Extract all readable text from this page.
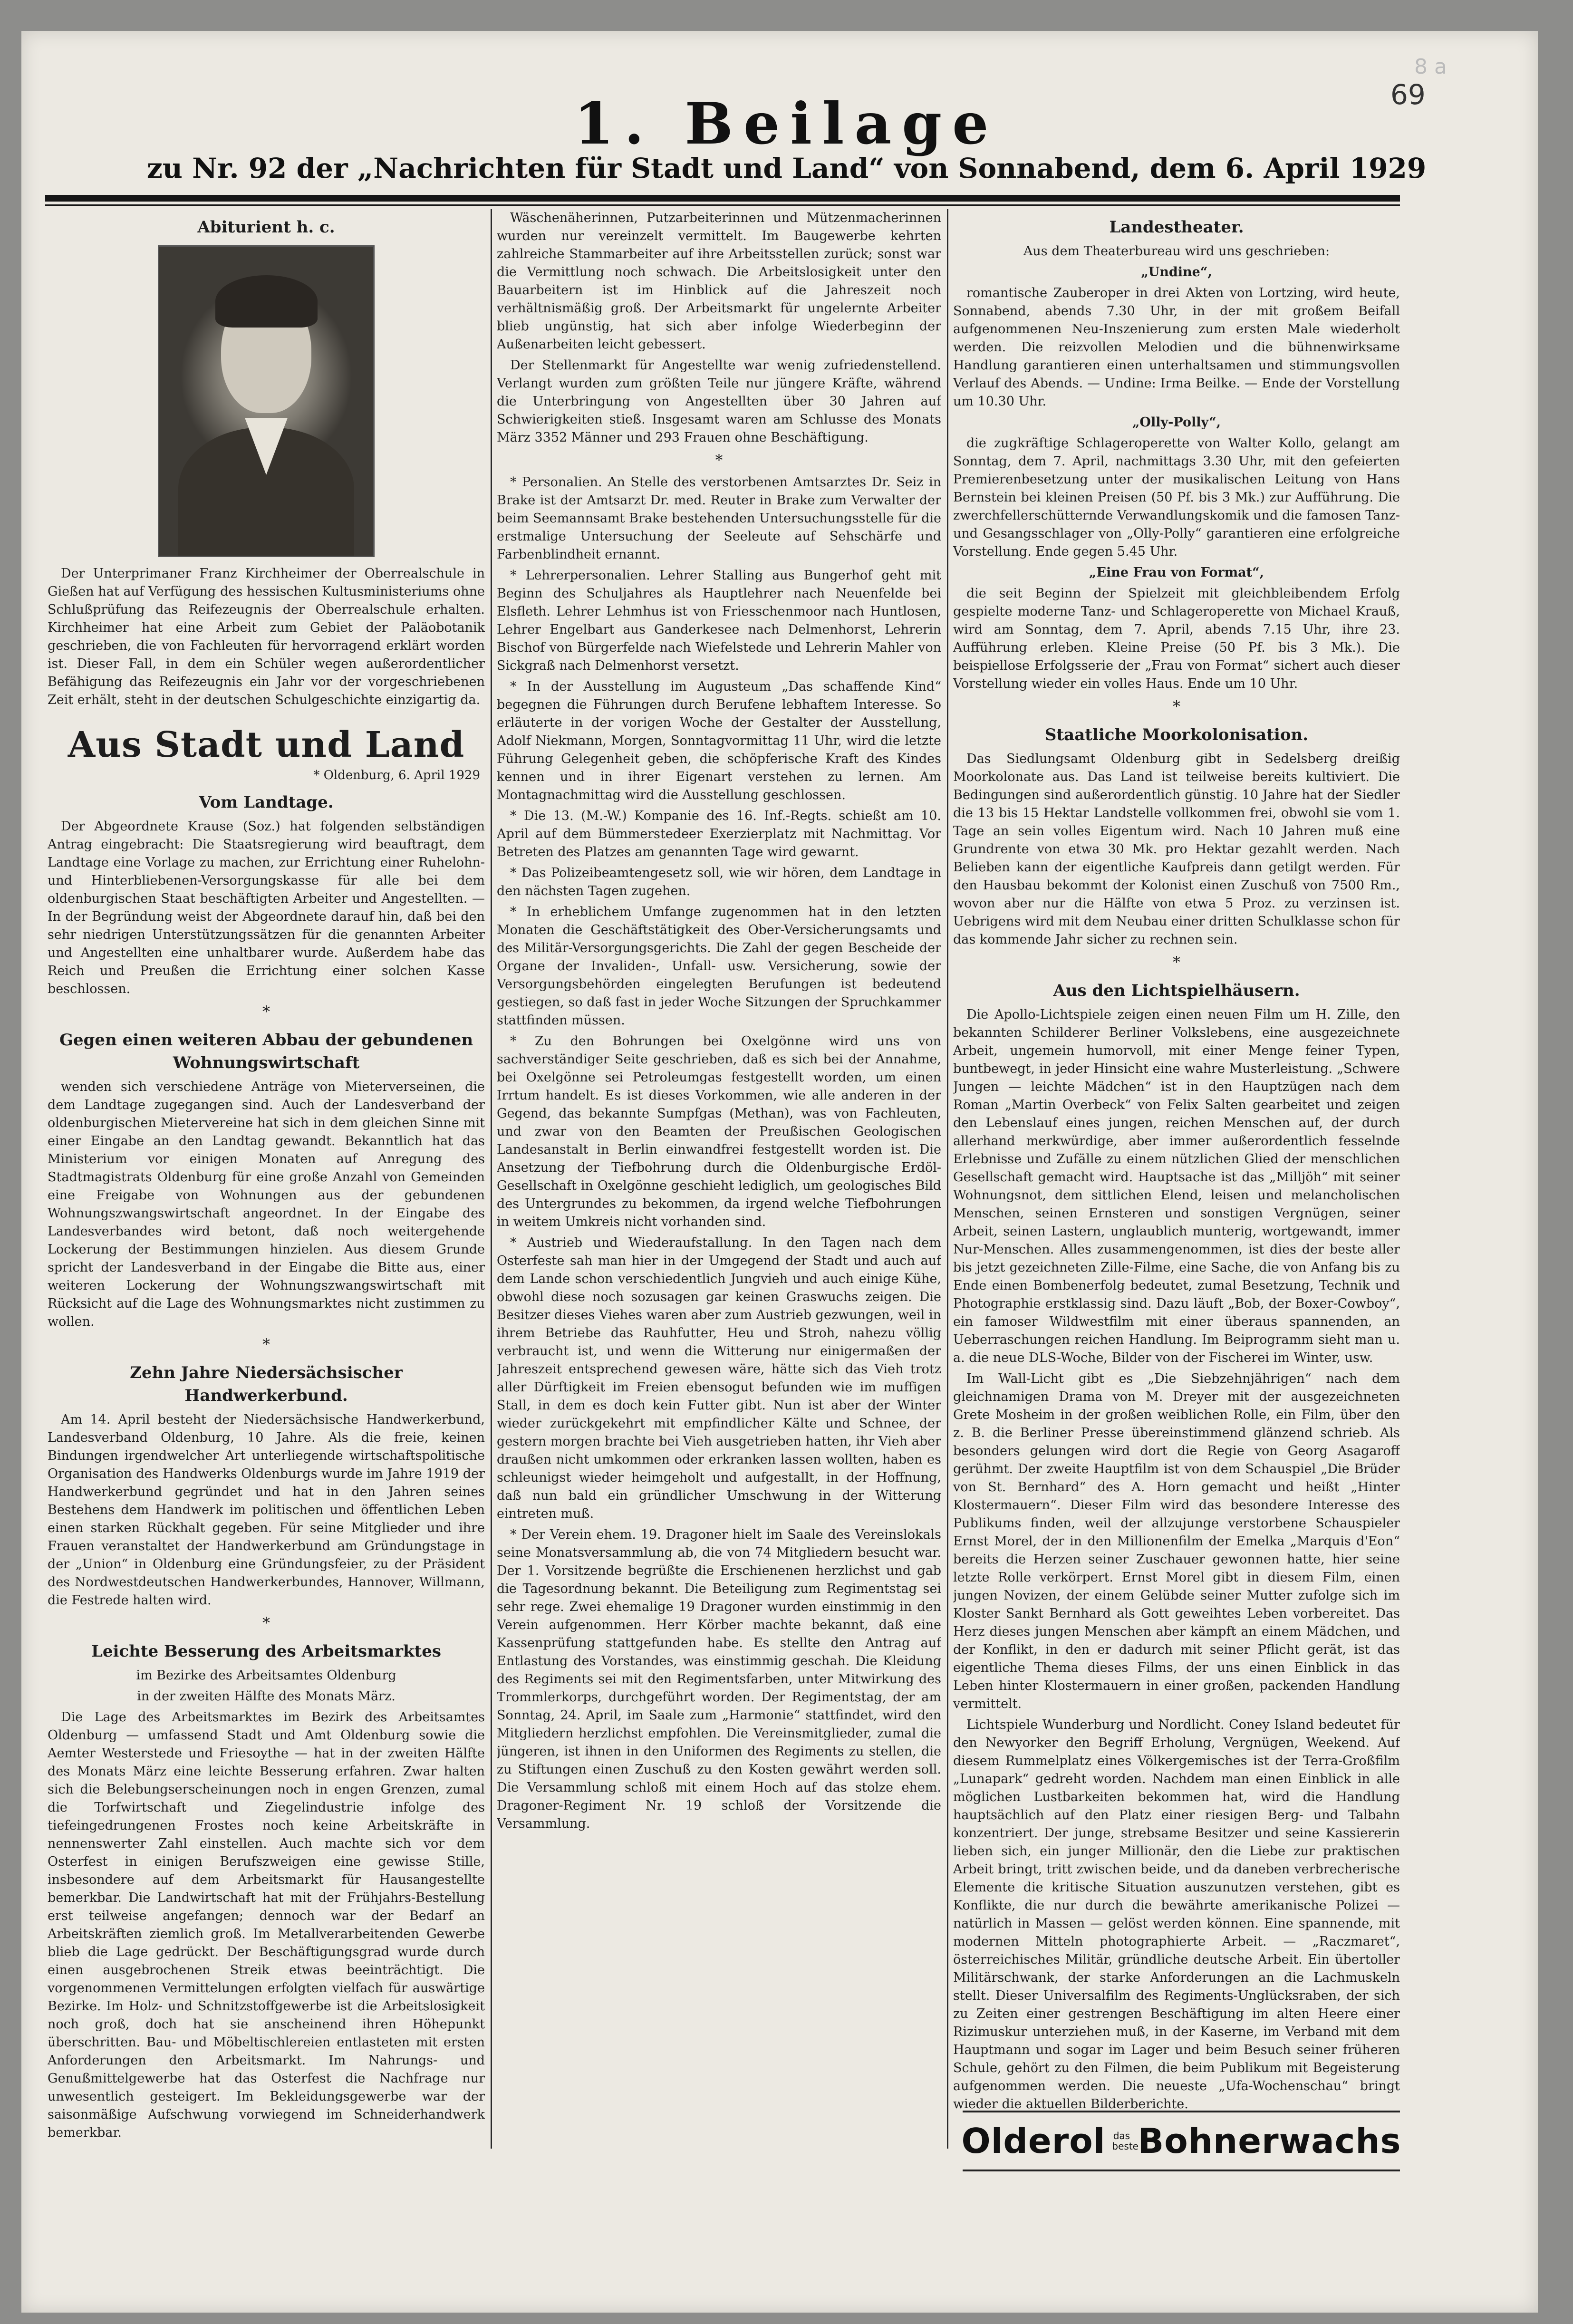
8 a
69
1. Beilage
zu Nr. 92 der „Nachrichten für Stadt und Land“ von Sonnabend, dem 6. April 1929
Abiturient h. c.

Der Unterprimaner Franz Kirchheimer der Oberrealschule in Gießen hat auf Verfügung des hessischen Kultusministeriums ohne Schlußprüfung das Reifezeugnis der Oberrealschule erhalten. Kirchheimer hat eine Arbeit zum Gebiet der Paläobotanik geschrieben, die von Fachleuten für hervorragend erklärt worden ist. Dieser Fall, in dem ein Schüler wegen außerordentlicher Befähigung das Reifezeugnis ein Jahr vor der vorgeschriebenen Zeit erhält, steht in der deutschen Schulgeschichte einzigartig da.

Aus Stadt und Land
* Oldenburg, 6. April 1929
Vom Landtage.

Der Abgeordnete Krause (Soz.) hat folgenden selbständigen Antrag eingebracht: Die Staatsregierung wird beauftragt, dem Landtage eine Vorlage zu machen, zur Errichtung einer Ruhelohn- und Hinterbliebenen-Versorgungskasse für alle bei dem oldenburgischen Staat beschäftigten Arbeiter und Angestellten. — In der Begründung weist der Abgeordnete darauf hin, daß bei den sehr niedrigen Unterstützungssätzen für die genannten Arbeiter und Angestellten eine unhaltbarer wurde. Außerdem habe das Reich und Preußen die Errichtung einer solchen Kasse beschlossen.

*
Gegen einen weiteren Abbau der gebundenen Wohnungswirtschaft

wenden sich verschiedene Anträge von Mieterverseinen, die dem Landtage zugegangen sind. Auch der Landesverband der oldenburgischen Mietervereine hat sich in dem gleichen Sinne mit einer Eingabe an den Landtag gewandt. Bekanntlich hat das Ministerium vor einigen Monaten auf Anregung des Stadtmagistrats Oldenburg für eine große Anzahl von Gemeinden eine Freigabe von Wohnungen aus der gebundenen Wohnungszwangswirtschaft angeordnet. In der Eingabe des Landesverbandes wird betont, daß noch weitergehende Lockerung der Bestimmungen hinzielen. Aus diesem Grunde spricht der Landesverband in der Eingabe die Bitte aus, einer weiteren Lockerung der Wohnungszwangswirtschaft mit Rücksicht auf die Lage des Wohnungsmarktes nicht zustimmen zu wollen.

*
Zehn Jahre Niedersächsischer Handwerkerbund.

Am 14. April besteht der Niedersächsische Handwerkerbund, Landesverband Oldenburg, 10 Jahre. Als die freie, keinen Bindungen irgendwelcher Art unterliegende wirtschaftspolitische Organisation des Handwerks Oldenburgs wurde im Jahre 1919 der Handwerkerbund gegründet und hat in den Jahren seines Bestehens dem Handwerk im politischen und öffentlichen Leben einen starken Rückhalt gegeben. Für seine Mitglieder und ihre Frauen veranstaltet der Handwerkerbund am Gründungstage in der „Union“ in Oldenburg eine Gründungsfeier, zu der Präsident des Nordwestdeutschen Handwerkerbundes, Hannover, Willmann, die Festrede halten wird.

*
Leichte Besserung des Arbeitsmarktes
im Bezirke des Arbeitsamtes Oldenburg
in der zweiten Hälfte des Monats März.

Die Lage des Arbeitsmarktes im Bezirk des Arbeitsamtes Oldenburg — umfassend Stadt und Amt Oldenburg sowie die Aemter Westerstede und Friesoythe — hat in der zweiten Hälfte des Monats März eine leichte Besserung erfahren. Zwar halten sich die Belebungserscheinungen noch in engen Grenzen, zumal die Torfwirtschaft und Ziegelindustrie infolge des tiefeingedrungenen Frostes noch keine Arbeitskräfte in nennenswerter Zahl einstellen. Auch machte sich vor dem Osterfest in einigen Berufszweigen eine gewisse Stille, insbesondere auf dem Arbeitsmarkt für Hausangestellte bemerkbar. Die Landwirtschaft hat mit der Frühjahrs-Bestellung erst teilweise angefangen; dennoch war der Bedarf an Arbeitskräften ziemlich groß. Im Metallverarbeitenden Gewerbe blieb die Lage gedrückt. Der Beschäftigungsgrad wurde durch einen ausgebrochenen Streik etwas beeinträchtigt. Die vorgenommenen Vermittelungen erfolgten vielfach für auswärtige Bezirke. Im Holz- und Schnitzstoffgewerbe ist die Arbeitslosigkeit noch groß, doch hat sie anscheinend ihren Höhepunkt überschritten. Bau- und Möbeltischlereien entlasteten mit ersten Anforderungen den Arbeitsmarkt. Im Nahrungs- und Genußmittelgewerbe hat das Osterfest die Nachfrage nur unwesentlich gesteigert. Im Bekleidungsgewerbe war der saisonmäßige Aufschwung vorwiegend im Schneiderhandwerk bemerkbar.

Wäschenäherinnen, Putzarbeiterinnen und Mützenmacherinnen wurden nur vereinzelt vermittelt. Im Baugewerbe kehrten zahlreiche Stammarbeiter auf ihre Arbeitsstellen zurück; sonst war die Vermittlung noch schwach. Die Arbeitslosigkeit unter den Bauarbeitern ist im Hinblick auf die Jahreszeit noch verhältnismäßig groß. Der Arbeitsmarkt für ungelernte Arbeiter blieb ungünstig, hat sich aber infolge Wiederbeginn der Außenarbeiten leicht gebessert.

Der Stellenmarkt für Angestellte war wenig zufriedenstellend. Verlangt wurden zum größten Teile nur jüngere Kräfte, während die Unterbringung von Angestellten über 30 Jahren auf Schwierigkeiten stieß. Insgesamt waren am Schlusse des Monats März 3352 Männer und 293 Frauen ohne Beschäftigung.

*

* Personalien. An Stelle des verstorbenen Amtsarztes Dr. Seiz in Brake ist der Amtsarzt Dr. med. Reuter in Brake zum Verwalter der beim Seemannsamt Brake bestehenden Untersuchungsstelle für die erstmalige Untersuchung der Seeleute auf Sehschärfe und Farbenblindheit ernannt.

* Lehrerpersonalien. Lehrer Stalling aus Bungerhof geht mit Beginn des Schuljahres als Hauptlehrer nach Neuenfelde bei Elsfleth. Lehrer Lehmhus ist von Friesschenmoor nach Huntlosen, Lehrer Engelbart aus Ganderkesee nach Delmenhorst, Lehrerin Bischof von Bürgerfelde nach Wiefelstede und Lehrerin Mahler von Sickgraß nach Delmenhorst versetzt.

* In der Ausstellung im Augusteum „Das schaffende Kind“ begegnen die Führungen durch Berufene lebhaftem Interesse. So erläuterte in der vorigen Woche der Gestalter der Ausstellung, Adolf Niekmann, Morgen, Sonntagvormittag 11 Uhr, wird die letzte Führung Gelegenheit geben, die schöpferische Kraft des Kindes kennen und in ihrer Eigenart verstehen zu lernen. Am Montagnachmittag wird die Ausstellung geschlossen.

* Die 13. (M.-W.) Kompanie des 16. Inf.-Regts. schießt am 10. April auf dem Bümmerstedeer Exerzierplatz mit Nachmittag. Vor Betreten des Platzes am genannten Tage wird gewarnt.

* Das Polizeibeamtengesetz soll, wie wir hören, dem Landtage in den nächsten Tagen zugehen.

* In erheblichem Umfange zugenommen hat in den letzten Monaten die Geschäftstätigkeit des Ober-Versicherungsamts und des Militär-Versorgungsgerichts. Die Zahl der gegen Bescheide der Organe der Invaliden-, Unfall- usw. Versicherung, sowie der Versorgungsbehörden eingelegten Berufungen ist bedeutend gestiegen, so daß fast in jeder Woche Sitzungen der Spruchkammer stattfinden müssen.

* Zu den Bohrungen bei Oxelgönne wird uns von sachverständiger Seite geschrieben, daß es sich bei der Annahme, bei Oxelgönne sei Petroleumgas festgestellt worden, um einen Irrtum handelt. Es ist dieses Vorkommen, wie alle anderen in der Gegend, das bekannte Sumpfgas (Methan), was von Fachleuten, und zwar von den Beamten der Preußischen Geologischen Landesanstalt in Berlin einwandfrei festgestellt worden ist. Die Ansetzung der Tiefbohrung durch die Oldenburgische Erdöl-Gesellschaft in Oxelgönne geschieht lediglich, um geologisches Bild des Untergrundes zu bekommen, da irgend welche Tiefbohrungen in weitem Umkreis nicht vorhanden sind.

* Austrieb und Wiederaufstallung. In den Tagen nach dem Osterfeste sah man hier in der Umgegend der Stadt und auch auf dem Lande schon verschiedentlich Jungvieh und auch einige Kühe, obwohl diese noch sozusagen gar keinen Graswuchs zeigen. Die Besitzer dieses Viehes waren aber zum Austrieb gezwungen, weil in ihrem Betriebe das Rauhfutter, Heu und Stroh, nahezu völlig verbraucht ist, und wenn die Witterung nur einigermaßen der Jahreszeit entsprechend gewesen wäre, hätte sich das Vieh trotz aller Dürftigkeit im Freien ebensogut befunden wie im muffigen Stall, in dem es doch kein Futter gibt. Nun ist aber der Winter wieder zurückgekehrt mit empfindlicher Kälte und Schnee, der gestern morgen brachte bei Vieh ausgetrieben hatten, ihr Vieh aber draußen nicht umkommen oder erkranken lassen wollten, haben es schleunigst wieder heimgeholt und aufgestallt, in der Hoffnung, daß nun bald ein gründlicher Umschwung in der Witterung eintreten muß.

* Der Verein ehem. 19. Dragoner hielt im Saale des Vereinslokals seine Monatsversammlung ab, die von 74 Mitgliedern besucht war. Der 1. Vorsitzende begrüßte die Erschienenen herzlichst und gab die Tagesordnung bekannt. Die Beteiligung zum Regimentstag sei sehr rege. Zwei ehemalige 19 Dragoner wurden einstimmig in den Verein aufgenommen. Herr Körber machte bekannt, daß eine Kassenprüfung stattgefunden habe. Es stellte den Antrag auf Entlastung des Vorstandes, was einstimmig geschah. Die Kleidung des Regiments sei mit den Regimentsfarben, unter Mitwirkung des Trommlerkorps, durchgeführt worden. Der Regimentstag, der am Sonntag, 24. April, im Saale zum „Harmonie“ stattfindet, wird den Mitgliedern herzlichst empfohlen. Die Vereinsmitglieder, zumal die jüngeren, ist ihnen in den Uniformen des Regiments zu stellen, die zu Stiftungen einen Zuschuß zu den Kosten gewährt werden soll. Die Versammlung schloß mit einem Hoch auf das stolze ehem. Dragoner-Regiment Nr. 19 schloß der Vorsitzende die Versammlung.

Landestheater.
Aus dem Theaterbureau wird uns geschrieben:
„Undine“,

romantische Zauberoper in drei Akten von Lortzing, wird heute, Sonnabend, abends 7.30 Uhr, in der mit großem Beifall aufgenommenen Neu-Inszenierung zum ersten Male wiederholt werden. Die reizvollen Melodien und die bühnenwirksame Handlung garantieren einen unterhaltsamen und stimmungsvollen Verlauf des Abends. — Undine: Irma Beilke. — Ende der Vorstellung um 10.30 Uhr.

„Olly-Polly“,

die zugkräftige Schlageroperette von Walter Kollo, gelangt am Sonntag, dem 7. April, nachmittags 3.30 Uhr, mit den gefeierten Premierenbesetzung unter der musikalischen Leitung von Hans Bernstein bei kleinen Preisen (50 Pf. bis 3 Mk.) zur Aufführung. Die zwerchfellerschütternde Verwandlungskomik und die famosen Tanz- und Gesangsschlager von „Olly-Polly“ garantieren eine erfolgreiche Vorstellung. Ende gegen 5.45 Uhr.

„Eine Frau von Format“,

die seit Beginn der Spielzeit mit gleichbleibendem Erfolg gespielte moderne Tanz- und Schlageroperette von Michael Krauß, wird am Sonntag, dem 7. April, abends 7.15 Uhr, ihre 23. Aufführung erleben. Kleine Preise (50 Pf. bis 3 Mk.). Die beispiellose Erfolgsserie der „Frau von Format“ sichert auch dieser Vorstellung wieder ein volles Haus. Ende um 10 Uhr.

*
Staatliche Moorkolonisation.

Das Siedlungsamt Oldenburg gibt in Sedelsberg dreißig Moorkolonate aus. Das Land ist teilweise bereits kultiviert. Die Bedingungen sind außerordentlich günstig. 10 Jahre hat der Siedler die 13 bis 15 Hektar Landstelle vollkommen frei, obwohl sie vom 1. Tage an sein volles Eigentum wird. Nach 10 Jahren muß eine Grundrente von etwa 30 Mk. pro Hektar gezahlt werden. Nach Belieben kann der eigentliche Kaufpreis dann getilgt werden. Für den Hausbau bekommt der Kolonist einen Zuschuß von 7500 Rm., wovon aber nur die Hälfte von etwa 5 Proz. zu verzinsen ist. Uebrigens wird mit dem Neubau einer dritten Schulklasse schon für das kommende Jahr sicher zu rechnen sein.

*
Aus den Lichtspielhäusern.

Die Apollo-Lichtspiele zeigen einen neuen Film um H. Zille, den bekannten Schilderer Berliner Volkslebens, eine ausgezeichnete Arbeit, ungemein humorvoll, mit einer Menge feiner Typen, buntbewegt, in jeder Hinsicht eine wahre Musterleistung. „Schwere Jungen — leichte Mädchen“ ist in den Hauptzügen nach dem Roman „Martin Overbeck“ von Felix Salten gearbeitet und zeigen den Lebenslauf eines jungen, reichen Menschen auf, der durch allerhand merkwürdige, aber immer außerordentlich fesselnde Erlebnisse und Zufälle zu einem nützlichen Glied der menschlichen Gesellschaft gemacht wird. Hauptsache ist das „Milljöh“ mit seiner Wohnungsnot, dem sittlichen Elend, leisen und melancholischen Menschen, seinen Ernsteren und sonstigen Vergnügen, seiner Arbeit, seinen Lastern, unglaublich munterig, wortgewandt, immer Nur-Menschen. Alles zusammengenommen, ist dies der beste aller bis jetzt gezeichneten Zille-Filme, eine Sache, die von Anfang bis zu Ende einen Bombenerfolg bedeutet, zumal Besetzung, Technik und Photographie erstklassig sind. Dazu läuft „Bob, der Boxer-Cowboy“, ein famoser Wildwestfilm mit einer überaus spannenden, an Ueberraschungen reichen Handlung. Im Beiprogramm sieht man u. a. die neue DLS-Woche, Bilder von der Fischerei im Winter, usw.

Im Wall-Licht gibt es „Die Siebzehnjährigen“ nach dem gleichnamigen Drama von M. Dreyer mit der ausgezeichneten Grete Mosheim in der großen weiblichen Rolle, ein Film, über den z. B. die Berliner Presse übereinstimmend glänzend schrieb. Als besonders gelungen wird dort die Regie von Georg Asagaroff gerühmt. Der zweite Hauptfilm ist von dem Schauspiel „Die Brüder von St. Bernhard“ des A. Horn gemacht und heißt „Hinter Klostermauern“. Dieser Film wird das besondere Interesse des Publikums finden, weil der allzujunge verstorbene Schauspieler Ernst Morel, der in den Millionenfilm der Emelka „Marquis d'Eon“ bereits die Herzen seiner Zuschauer gewonnen hatte, hier seine letzte Rolle verkörpert. Ernst Morel gibt in diesem Film, einen jungen Novizen, der einem Gelübde seiner Mutter zufolge sich im Kloster Sankt Bernhard als Gott geweihtes Leben vorbereitet. Das Herz dieses jungen Menschen aber kämpft an einem Mädchen, und der Konflikt, in den er dadurch mit seiner Pflicht gerät, ist das eigentliche Thema dieses Films, der uns einen Einblick in das Leben hinter Klostermauern in einer großen, packenden Handlung vermittelt.

Lichtspiele Wunderburg und Nordlicht. Coney Island bedeutet für den Newyorker den Begriff Erholung, Vergnügen, Weekend. Auf diesem Rummelplatz eines Völkergemisches ist der Terra-Großfilm „Lunapark“ gedreht worden. Nachdem man einen Einblick in alle möglichen Lustbarkeiten bekommen hat, wird die Handlung hauptsächlich auf den Platz einer riesigen Berg- und Talbahn konzentriert. Der junge, strebsame Besitzer und seine Kassiererin lieben sich, ein junger Millionär, den die Liebe zur praktischen Arbeit bringt, tritt zwischen beide, und da daneben verbrecherische Elemente die kritische Situation auszunutzen verstehen, gibt es Konflikte, die nur durch die bewährte amerikanische Polizei — natürlich in Massen — gelöst werden können. Eine spannende, mit modernen Mitteln photographierte Arbeit. — „Raczmaret“, österreichisches Militär, gründliche deutsche Arbeit. Ein übertoller Militärschwank, der starke Anforderungen an die Lachmuskeln stellt. Dieser Universalfilm des Regiments-Unglücksraben, der sich zu Zeiten einer gestrengen Beschäftigung im alten Heere einer Rizimuskur unterziehen muß, in der Kaserne, im Verband mit dem Hauptmann und sogar im Lager und beim Besuch seiner früheren Schule, gehört zu den Filmen, die beim Publikum mit Begeisterung aufgenommen werden. Die neueste „Ufa-Wochenschau“ bringt wieder die aktuellen Bilderberichte.

Olderol das beste
Bohnerwachs
